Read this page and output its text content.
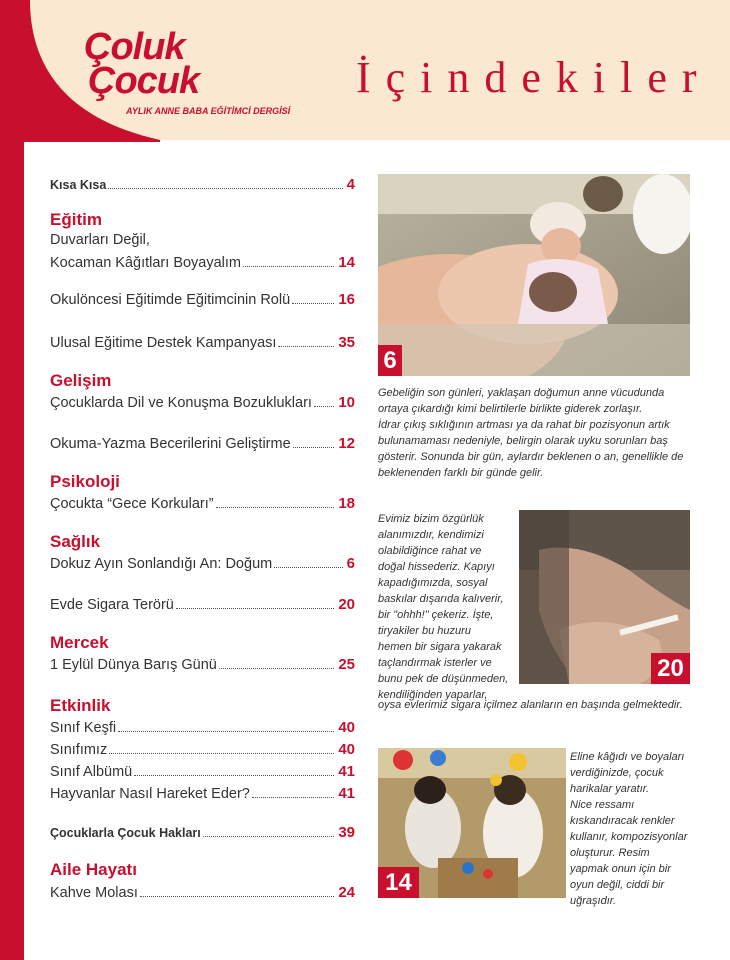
Çoluk
Çocuk
AYLIK ANNE BABA EĞİTİMCİ DERGİSİ
İçindekiler
Kısa Kısa	4
Eğitim
Duvarları Değil,
Kocaman Kâğıtları Boyayalım	14
Okulöncesi Eğitimde Eğitimcinin Rolü	16
Ulusal Eğitime Destek Kampanyası	35
Gelişim
Çocuklarda Dil ve Konuşma Bozuklukları 10
Okuma-Yazma Becerilerini Geliştirme	12
Psikoloji
Çocukta “Gece Korkuları”	18
Sağlık
Dokuz Ayın Sonlandığı An: Doğum	6
Evde Sigara Terörü	20
Mercek
1 Eylül Dünya Barış Günü	25
Etkinlik
Sınıf Keşfi	40
Sınıfımız	40
Sınıf Albümü	41
Hayvanlar Nasıl Hareket Eder?	41
Çocuklarla Çocuk Hakları	39
Aile Hayatı
Kahve Molası	24
6

Gebeliğin son günleri, yaklaşan doğumun anne vücudunda

ortaya çıkardığı kimi belirtilerle birlikte giderek zorlaşır.

İdrar çıkış sıklığının artması ya da rahat bir pozisyonun artık

bulunamaması nedeniyle, belirgin olarak uyku sorunları baş

gösterir. Sonunda bir gün, aylardır beklenen o an, genellikle de

beklenenden farklı bir günde gelir.

Evimiz bizim özgürlük

alanımızdır, kendimizi

olabildiğince rahat ve

doğal hissederiz. Kapıyı

kapadığımızda, sosyal

baskılar dışarıda kalıverir,

bir "ohhh!" çekeriz. İşte,

tiryakiler bu huzuru

hemen bir sigara yakarak

taçlandırmak isterler ve

bunu pek de düşünmeden,

kendiliğinden yaparlar,

oysa evlerimiz sigara içilmez alanların en başında gelmektedir.

20
14

Eline kâğıdı ve boyaları

verdiğinizde, çocuk

harikalar yaratır.

Nice ressamı

kıskandıracak renkler

kullanır, kompozisyonlar

oluşturur. Resim

yapmak onun için bir

oyun değil, ciddi bir

uğraşıdır.
